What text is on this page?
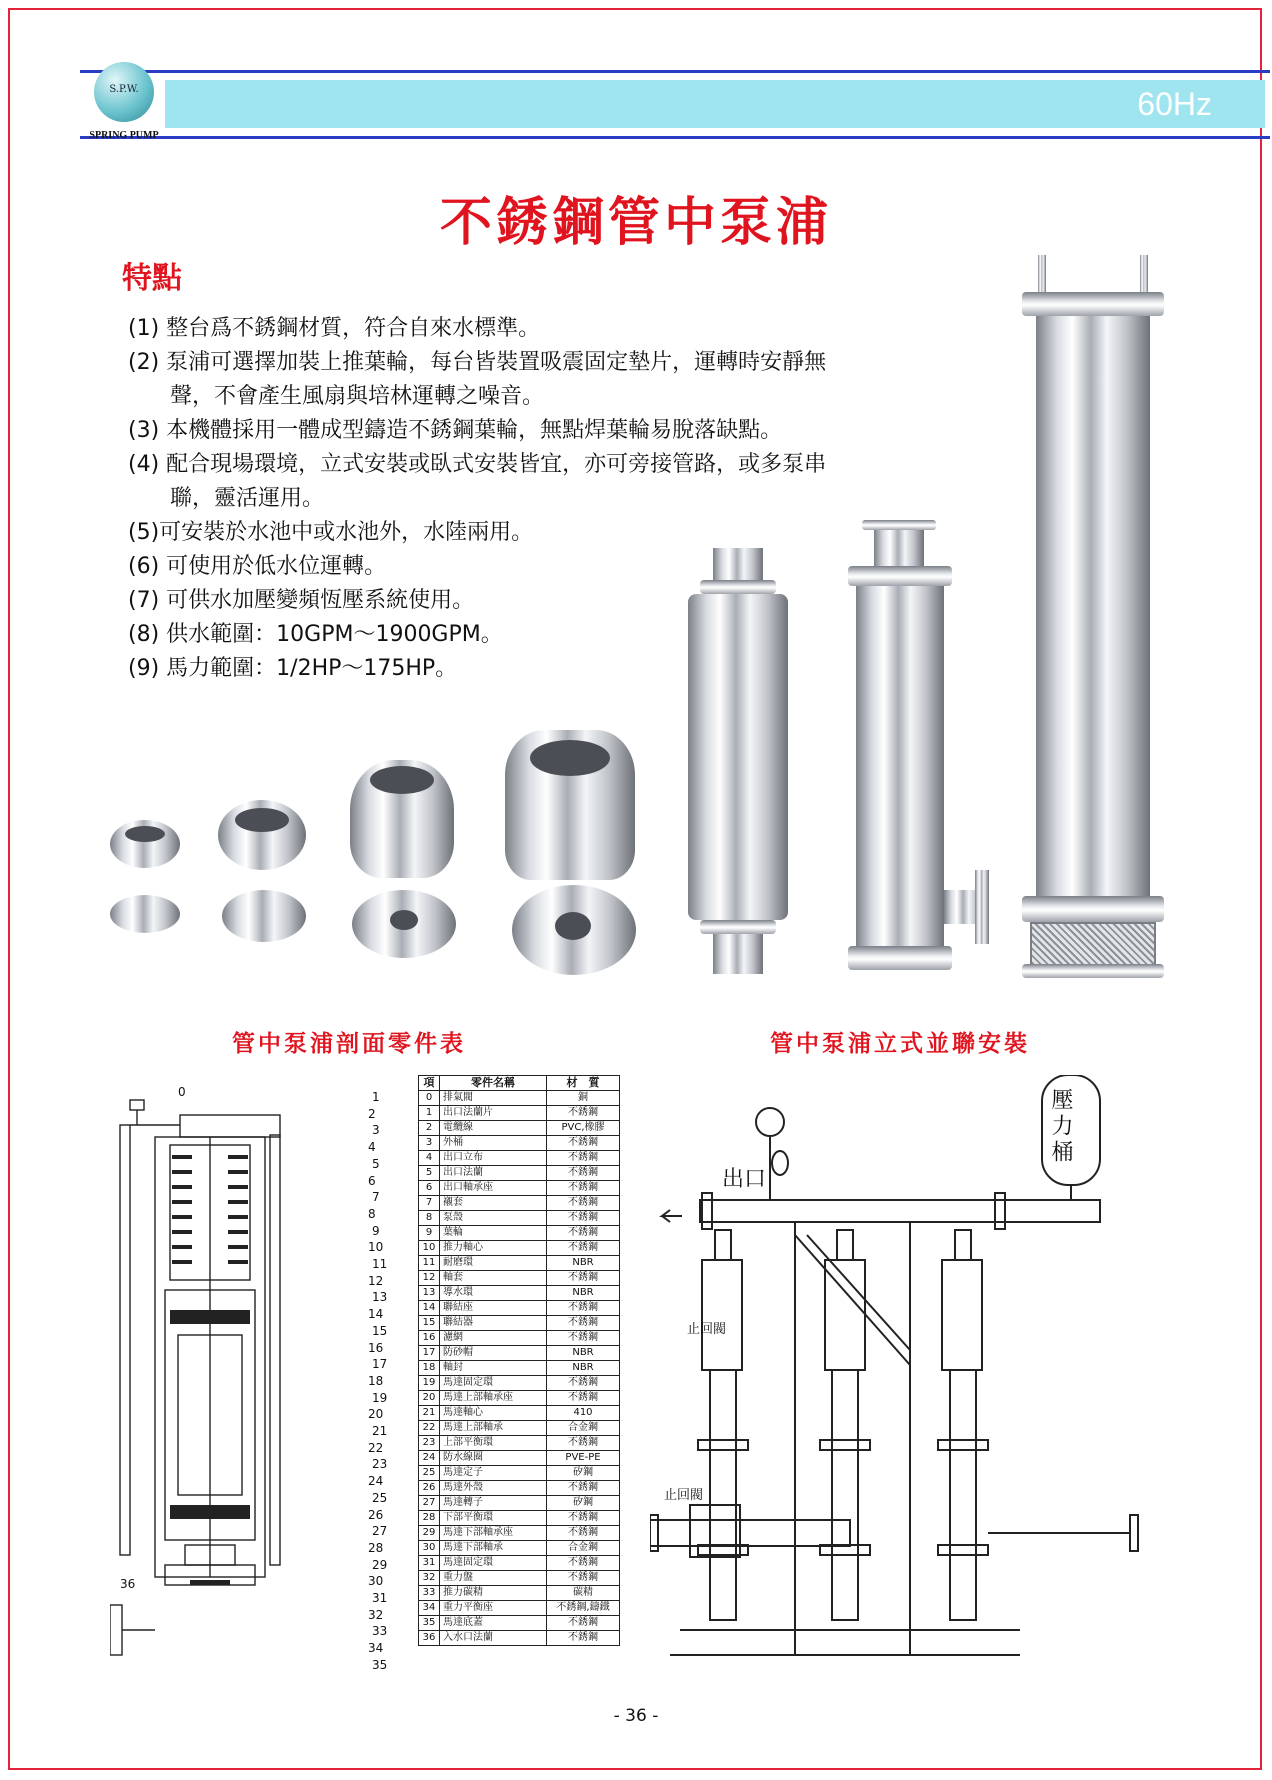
60Hz
S.P.W.
SPRING PUMP
不銹鋼管中泵浦
特點
(1) 整台爲不銹鋼材質，符合自來水標準。
(2) 泵浦可選擇加裝上推葉輪，每台皆裝置吸震固定墊片，運轉時安靜無
聲，不會產生風扇與培林運轉之噪音。
(3) 本機體採用一體成型鑄造不銹鋼葉輪，無點焊葉輪易脫落缺點。
(4) 配合現場環境，立式安裝或臥式安裝皆宜，亦可旁接管路，或多泵串
聯，靈活運用。
(5)可安裝於水池中或水池外，水陸兩用。
(6) 可使用於低水位運轉。
(7) 可供水加壓變頻恆壓系統使用。
(8) 供水範圍：10GPM～1900GPM。
(9) 馬力範圍：1/2HP～175HP。
管中泵浦剖面零件表	管中泵浦立式並聯安裝
0
36
1
2
3
4
5
6
7
8
9
10
11
12
13
14
15
16
17
18
19
20
21
22
23
24
25
26
27
28
29
30
31
32
33
34
35
項	零件名稱	材　質
0	排氣閥	銅
1	出口法蘭片	不銹鋼
2	電纜線	PVC,橡膠
3	外桶	不銹鋼
4	出口立布	不銹鋼
5	出口法蘭	不銹鋼
6	出口軸承座	不銹鋼
7	襯套	不銹鋼
8	泵殼	不銹鋼
9	葉輪	不銹鋼
10	推力軸心	不銹鋼
11	耐磨環	NBR
12	軸套	不銹鋼
13	導水環	NBR
14	聯結座	不銹鋼
15	聯結器	不銹鋼
16	濾網	不銹鋼
17	防砂帽	NBR
18	軸封	NBR
19	馬達固定環	不銹鋼
20	馬達上部軸承座	不銹鋼
21	馬達軸心	410
22	馬達上部軸承	合金鋼
23	上部平衡環	不銹鋼
24	防水線圈	PVE-PE
25	馬達定子	矽鋼
26	馬達外殼	不銹鋼
27	馬達轉子	矽鋼
28	下部平衡環	不銹鋼
29	馬達下部軸承座	不銹鋼
30	馬達下部軸承	合金鋼
31	馬達固定環	不銹鋼
32	重力盤	不銹鋼
33	推力碳精	碳精
34	重力平衡座	不銹鋼,鑄鐵
35	馬達底蓋	不銹鋼
36	入水口法蘭	不銹鋼
壓力桶
出口
止回閥
止回閥
- 36 -
